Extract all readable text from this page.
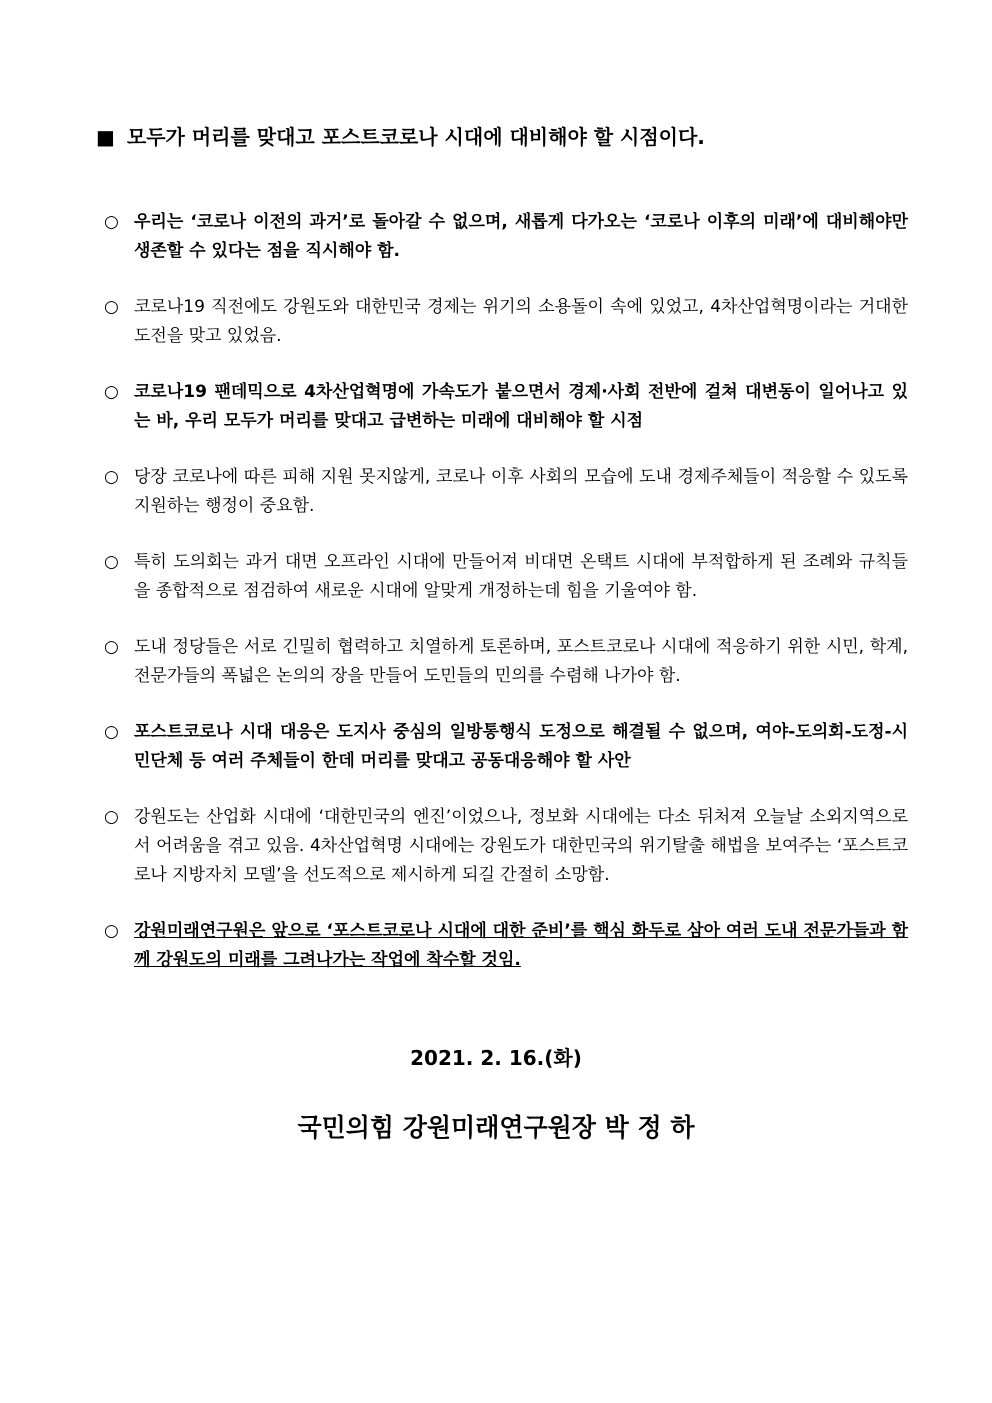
■ 모두가 머리를 맞대고 포스트코로나 시대에 대비해야 할 시점이다.
○ 우리는 ‘코로나 이전의 과거’로 돌아갈 수 없으며, 새롭게 다가오는 ‘코로나 이후의 미래’에 대비해야만 생존할 수 있다는 점을 직시해야 함.
○ 코로나19 직전에도 강원도와 대한민국 경제는 위기의 소용돌이 속에 있었고, 4차산업혁명이라는 거대한 도전을 맞고 있었음.
○ 코로나19 팬데믹으로 4차산업혁명에 가속도가 붙으면서 경제·사회 전반에 걸쳐 대변동이 일어나고 있는 바, 우리 모두가 머리를 맞대고 급변하는 미래에 대비해야 할 시점
○ 당장 코로나에 따른 피해 지원 못지않게, 코로나 이후 사회의 모습에 도내 경제주체들이 적응할 수 있도록 지원하는 행정이 중요함.
○ 특히 도의회는 과거 대면 오프라인 시대에 만들어져 비대면 온택트 시대에 부적합하게 된 조례와 규칙들을 종합적으로 점검하여 새로운 시대에 알맞게 개정하는데 힘을 기울여야 함.
○ 도내 정당들은 서로 긴밀히 협력하고 치열하게 토론하며, 포스트코로나 시대에 적응하기 위한 시민, 학계, 전문가들의 폭넓은 논의의 장을 만들어 도민들의 민의를 수렴해 나가야 함.
○ 포스트코로나 시대 대응은 도지사 중심의 일방통행식 도정으로 해결될 수 없으며, 여야-도의회-도정-시민단체 등 여러 주체들이 한데 머리를 맞대고 공동대응해야 할 사안
○ 강원도는 산업화 시대에 ‘대한민국의 엔진’이었으나, 정보화 시대에는 다소 뒤처져 오늘날 소외지역으로서 어려움을 겪고 있음. 4차산업혁명 시대에는 강원도가 대한민국의 위기탈출 해법을 보여주는 ‘포스트코로나 지방자치 모델’을 선도적으로 제시하게 되길 간절히 소망함.
○ 강원미래연구원은 앞으로 ‘포스트코로나 시대에 대한 준비’를 핵심 화두로 삼아 여러 도내 전문가들과 함께 강원도의 미래를 그려나가는 작업에 착수할 것임.
2021. 2. 16.(화)
국민의힘 강원미래연구원장 박 정 하
